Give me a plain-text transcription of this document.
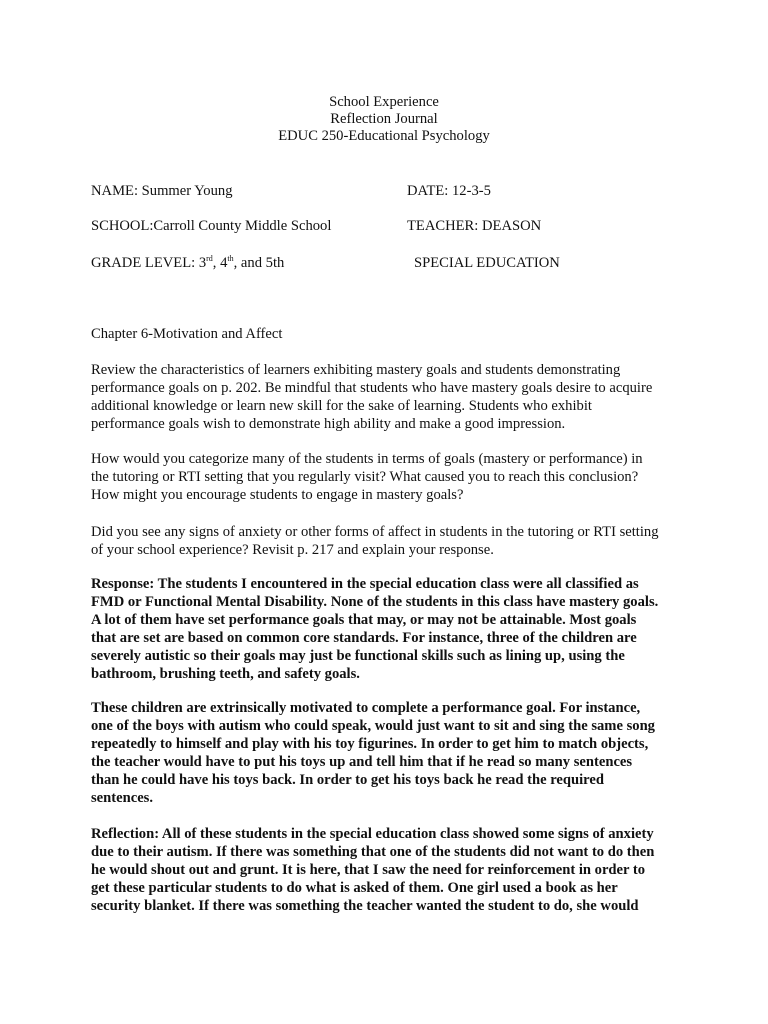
School Experience
Reflection Journal
EDUC 250-Educational Psychology
NAME: Summer Young	DATE: 12-3-5
SCHOOL:Carroll County Middle School	TEACHER: DEASON
GRADE LEVEL: 3rd, 4th, and 5th	SPECIAL EDUCATION
Chapter 6-Motivation and Affect
Review the characteristics of learners exhibiting mastery goals and students demonstrating
performance goals on p. 202. Be mindful that students who have mastery goals desire to acquire
additional knowledge or learn new skill for the sake of learning. Students who exhibit
performance goals wish to demonstrate high ability and make a good impression.
How would you categorize many of the students in terms of goals (mastery or performance) in
the tutoring or RTI setting that you regularly visit? What caused you to reach this conclusion?
How might you encourage students to engage in mastery goals?
Did you see any signs of anxiety or other forms of affect in students in the tutoring or RTI setting
of your school experience? Revisit p. 217 and explain your response.
Response: The students I encountered in the special education class were all classified as
FMD or Functional Mental Disability. None of the students in this class have mastery goals.
A lot of them have set performance goals that may, or may not be attainable. Most goals
that are set are based on common core standards. For instance, three of the children are
severely autistic so their goals may just be functional skills such as lining up, using the
bathroom, brushing teeth, and safety goals.
These children are extrinsically motivated to complete a performance goal. For instance,
one of the boys with autism who could speak, would just want to sit and sing the same song
repeatedly to himself and play with his toy figurines. In order to get him to match objects,
the teacher would have to put his toys up and tell him that if he read so many sentences
than he could have his toys back. In order to get his toys back he read the required
sentences.
Reflection: All of these students in the special education class showed some signs of anxiety
due to their autism. If there was something that one of the students did not want to do then
he would shout out and grunt. It is here, that I saw the need for reinforcement in order to
get these particular students to do what is asked of them. One girl used a book as her
security blanket. If there was something the teacher wanted the student to do, she would
